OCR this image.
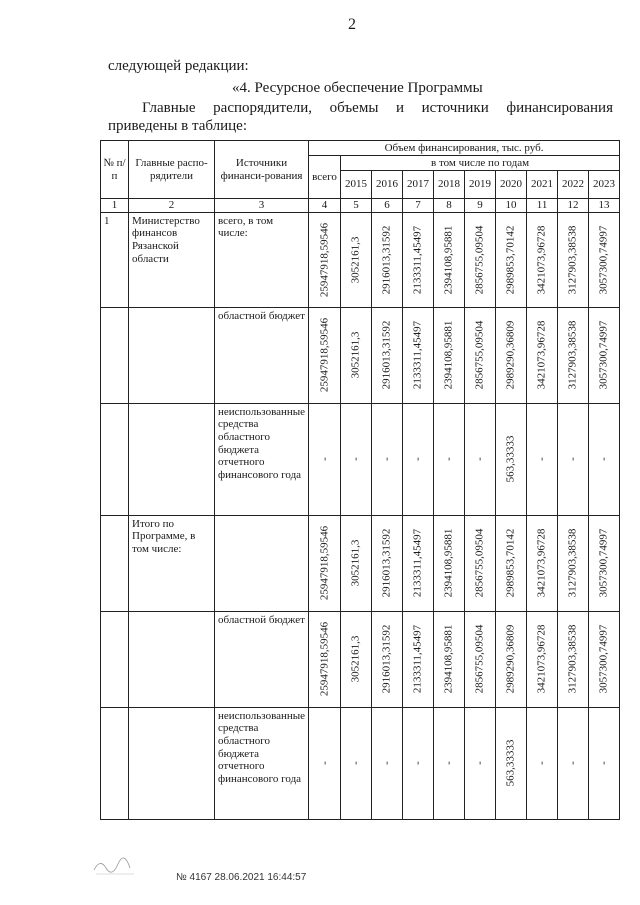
2
следующей редакции:
«4. Ресурсное обеспечение Программы
Главные распорядители, объемы и источники финансирования
приведены в таблице:
№ п/п	Главные распо-рядители	Источники финанси-рования	Объем финансирования, тыс. руб.									
			всего	в том числе по годам								
				2015	2016	2017	2018	2019	2020	2021	2022	2023
1	2	3	4	5	6	7	8	9	10	11	12	13
1	Министерство финансов Рязанской области	всего, в том числе:	25947918,59546	3052161,3	2916013,31592	2133311,45497	2394108,95881	2856755,09504	2989853,70142	3421073,96728	3127903,38538	3057300,74997

		областной бюджет	25947918,59546	3052161,3	2916013,31592	2133311,45497	2394108,95881	2856755,09504	2989290,36809	3421073,96728	3127903,38538	3057300,74997

		неиспользованные средства областного бюджета отчетного финансового года	-	-	-	-	-	-	563,33333	-	-	-

	Итого по Программе, в том числе:		25947918,59546	3052161,3	2916013,31592	2133311,45497	2394108,95881	2856755,09504	2989853,70142	3421073,96728	3127903,38538	3057300,74997

		областной бюджет	25947918,59546	3052161,3	2916013,31592	2133311,45497	2394108,95881	2856755,09504	2989290,36809	3421073,96728	3127903,38538	3057300,74997

		неиспользованные средства областного бюджета отчетного финансового года	-	-	-	-	-	-	563,33333	-	-	-
№ 4167 28.06.2021 16:44:57
